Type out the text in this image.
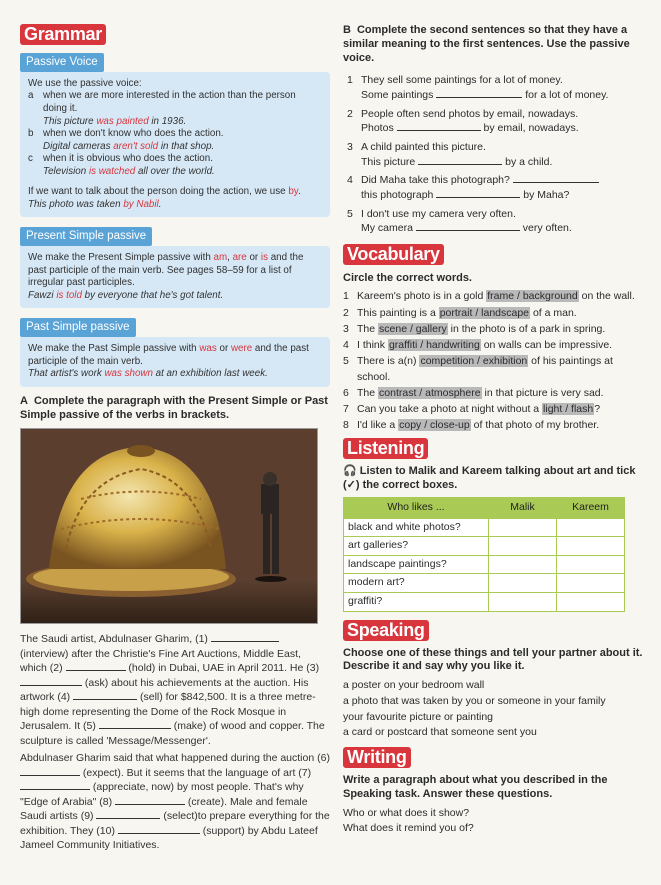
Grammar
Passive Voice
We use the passive voice:
a when we are more interested in the action than the person doing it.
This picture was painted in 1936.
b when we don't know who does the action.
Digital cameras aren't sold in that shop.
c	when it is obvious who does the action.
Television is watched all over the world.
If we want to talk about the person doing the action, we use by.
This photo was taken by Nabil.
Present Simple passive
We make the Present Simple passive with am, are or is and the past participle of the main verb. See pages 58–59 for a list of irregular past participles.
Fawzi is told by everyone that he's got talent.
Past Simple passive
We make the Past Simple passive with was or were and the past participle of the main verb.
That artist's work was shown at an exhibition last week.
A Complete the paragraph with the Present Simple or Past Simple passive of the verbs in brackets.

The Saudi artist, Abdulnaser Gharim, (1)  (interview) after the Christie's Fine Art Auctions, Middle East, which (2)	(hold) in Dubai, UAE in April 2011. He (3)  (ask) about his achievements at the auction. His artwork (4)	(sell) for $842,500. It is a three metre-high dome representing the Dome of the Rock Mosque in Jerusalem. It (5)	(make) of wood and copper. The sculpture is called 'Message/Messenger'.

Abdulnaser Gharim said that what happened during the auction (6)  (expect). But it seems that the language of art (7)  (appreciate, now) by most people. That's why "Edge of Arabia" (8)	(create). Male and female Saudi artists (9)	(select)to prepare everything for the exhibition. They (10)	(support) by Abdu Lateef Jameel Community Initiatives.

B Complete the second sentences so that they have a similar meaning to the first sentences. Use the passive voice.
1 They sell some paintings for a lot of money.
Some paintings	for a lot of money.
2 People often send photos by email, nowadays.
Photos	by email, nowadays.
3 A child painted this picture.
This picture	by a child.
4 Did Maha take this photograph?
this photograph	by Maha?
5 I don't use my camera very often.
My camera	very often.
Vocabulary
Circle the correct words.
1 Kareem's photo is in a gold frame / background on the wall.
2 This painting is a portrait / landscape of a man.
3 The scene / gallery in the photo is of a park in spring.
4 I think graffiti / handwriting on walls can be impressive.
5 There is a(n) competition / exhibition of his paintings at school.
6 The contrast / atmosphere in that picture is very sad.
7 Can you take a photo at night without a light / flash?
8 I'd like a copy / close-up of that photo of my brother.
Listening
🎧 Listen to Malik and Kareem talking about art and tick (✓) the correct boxes.
Who likes ...	Malik	Kareem
black and white photos?		
art galleries?		
landscape paintings?		
modern art?		
graffiti?		
Speaking
Choose one of these things and tell your partner about it. Describe it and say why you like it.
a poster on your bedroom wall
a photo that was taken by you or someone in your family
your favourite picture or painting
a card or postcard that someone sent you
Writing
Write a paragraph about what you described in the Speaking task. Answer these questions.
Who or what does it show?
What does it remind you of?
